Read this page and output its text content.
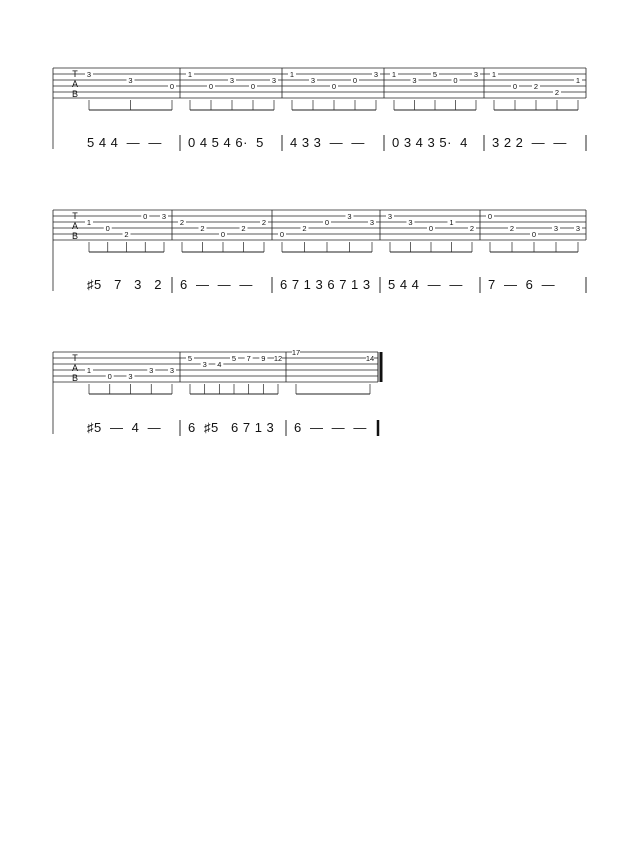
T
A
B
3
3
0
1
0
3
0
3
1
3
0
0
3 1
3
5
0
3 1
0 2
2
1
T
A
B
1
0
2
0 3
2
2
0
2
2
0
2
0
3
3
3
3
0
1
2
0
2
0
3 3
T
A
B
1
0 3
3 3
5
3 4
5 7 9 12
17
14
5 4 4  —  — 0 4 5 4 6·  5 4 3 3  —  — 0 3 4 3 5·  4 3 2 2  —  —
♯5   7   3   2 6  —  —  — 6 7 1 3 6 7 1 3 5 4 4  —  — 7  —  6  —
♯5  —  4  — 6  ♯5   6 7 1 3 6  —  —  —
